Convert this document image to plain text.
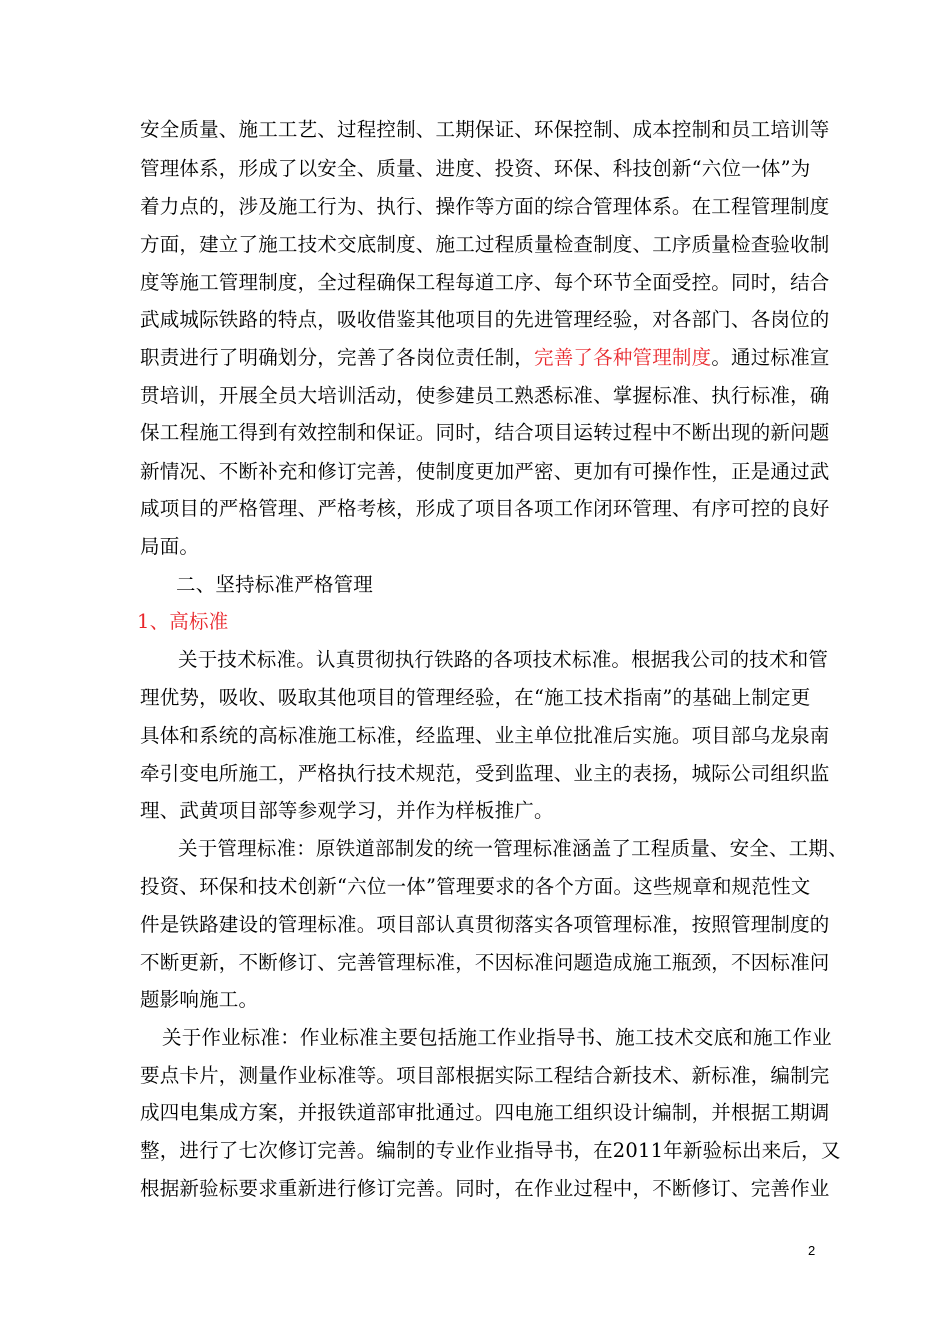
安全质量、施工工艺、过程控制、工期保证、环保控制、成本控制和员工培训等
管理体系，形成了以安全、质量、进度、投资、环保、科技创新“六位一体”为
着力点的，涉及施工行为、执行、操作等方面的综合管理体系。在工程管理制度
方面，建立了施工技术交底制度、施工过程质量检查制度、工序质量检查验收制
度等施工管理制度，全过程确保工程每道工序、每个环节全面受控。同时，结合
武咸城际铁路的特点，吸收借鉴其他项目的先进管理经验，对各部门、各岗位的
职责进行了明确划分，完善了各岗位责任制，完善了各种管理制度。通过标准宣
贯培训，开展全员大培训活动，使参建员工熟悉标准、掌握标准、执行标准，确
保工程施工得到有效控制和保证。同时，结合项目运转过程中不断出现的新问题
新情况、不断补充和修订完善，使制度更加严密、更加有可操作性，正是通过武
咸项目的严格管理、严格考核，形成了项目各项工作闭环管理、有序可控的良好
局面。
二、坚持标准严格管理
1、高标准
关于技术标准。认真贯彻执行铁路的各项技术标准。根据我公司的技术和管
理优势，吸收、吸取其他项目的管理经验，在“施工技术指南”的基础上制定更
具体和系统的高标准施工标准，经监理、业主单位批准后实施。项目部乌龙泉南
牵引变电所施工，严格执行技术规范，受到监理、业主的表扬，城际公司组织监
理、武黄项目部等参观学习，并作为样板推广。
关于管理标准：原铁道部制发的统一管理标准涵盖了工程质量、安全、工期、
投资、环保和技术创新“六位一体”管理要求的各个方面。这些规章和规范性文
件是铁路建设的管理标准。项目部认真贯彻落实各项管理标准，按照管理制度的
不断更新，不断修订、完善管理标准，不因标准问题造成施工瓶颈，不因标准问
题影响施工。
关于作业标准：作业标准主要包括施工作业指导书、施工技术交底和施工作业
要点卡片，测量作业标准等。项目部根据实际工程结合新技术、新标准，编制完
成四电集成方案，并报铁道部审批通过。四电施工组织设计编制，并根据工期调
整，进行了七次修订完善。编制的专业作业指导书，在2011年新验标出来后，又
根据新验标要求重新进行修订完善。同时，在作业过程中，不断修订、完善作业
2
